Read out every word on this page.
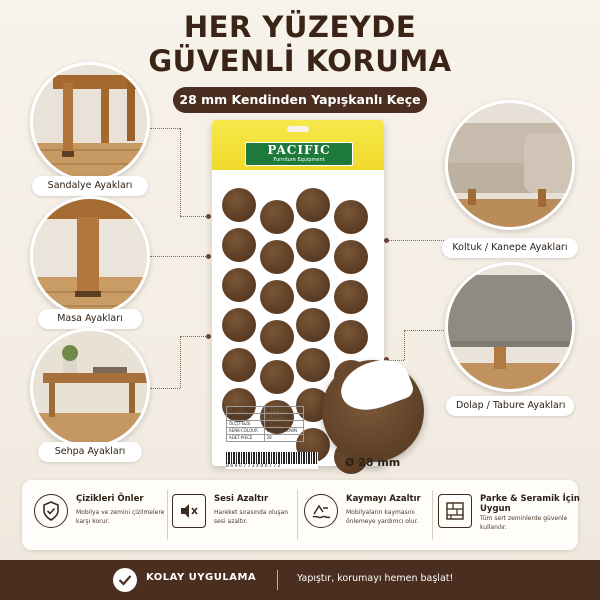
HER YÜZEYDE
GÜVENLİ KORUMA
28 mm Kendinden Yapışkanlı Keçe
Sandalye Ayakları
Masa Ayakları
Sehpa Ayakları
Koltuk / Kanepe Ayakları
Dolap / Tabure Ayakları
PACIFIC
Furniture Equipment
CİNS/TYPE	KEÇE-FELT
KOD-CODE	PCF128 ON
ÖLÇÜ-SIZE	Ø 28mm
RENK-COLOUR	KAHVE-BROWN
ADET-PIECE	28
8 6 9 0 7 7 3 4 0 0 7 7 2	Ø 28 mm
Çizikleri Önler
Mobilya ve zemini çizilmelere karşı korur.
Sesi Azaltır
Hareket sırasında oluşan sesi azaltır.
Kaymayı Azaltır
Mobilyaların kaymasını önlemeye yardımcı olur.
Parke & Seramik İçin Uygun
Tüm sert zeminlerde güvenle kullanılır.
KOLAY UYGULAMA	Yapıştır, korumayı hemen başlat!
